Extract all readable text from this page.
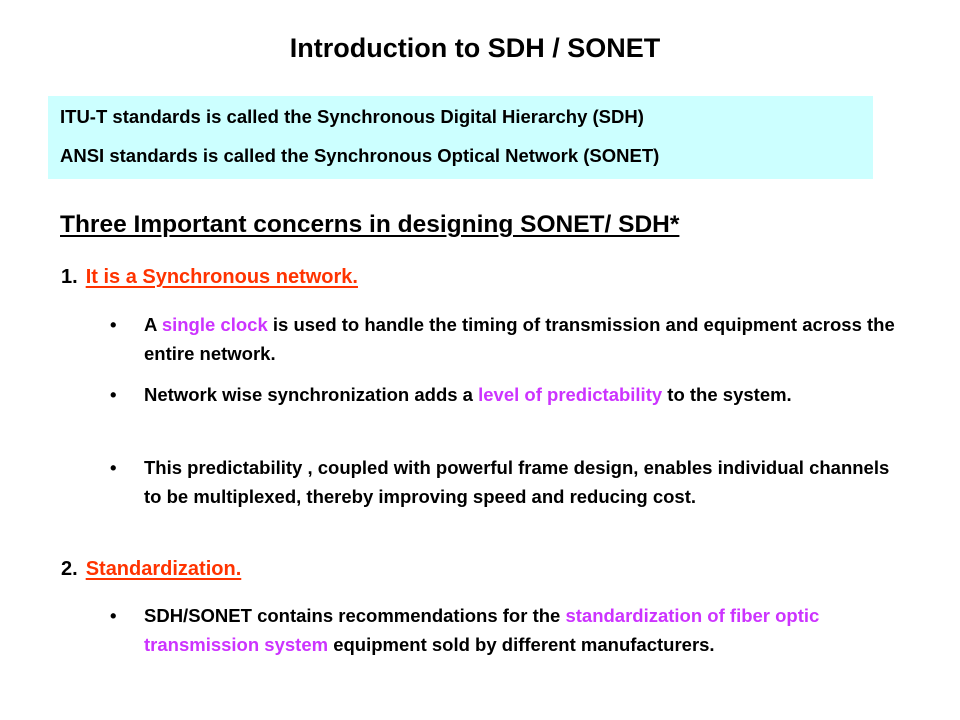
Introduction to SDH / SONET
ITU-T standards is called the Synchronous Digital Hierarchy (SDH)
ANSI standards is called the Synchronous Optical Network (SONET)
Three Important concerns in designing SONET/ SDH*
1. It is a Synchronous network.
• A single clock is used to handle the timing of transmission and equipment across the entire network.
• Network wise synchronization adds a level of predictability to the system.
• This predictability , coupled with powerful frame design, enables individual channels to be multiplexed, thereby improving speed and reducing cost.
2. Standardization.
• SDH/SONET contains recommendations for the standardization of fiber optic transmission system equipment sold by different manufacturers.
